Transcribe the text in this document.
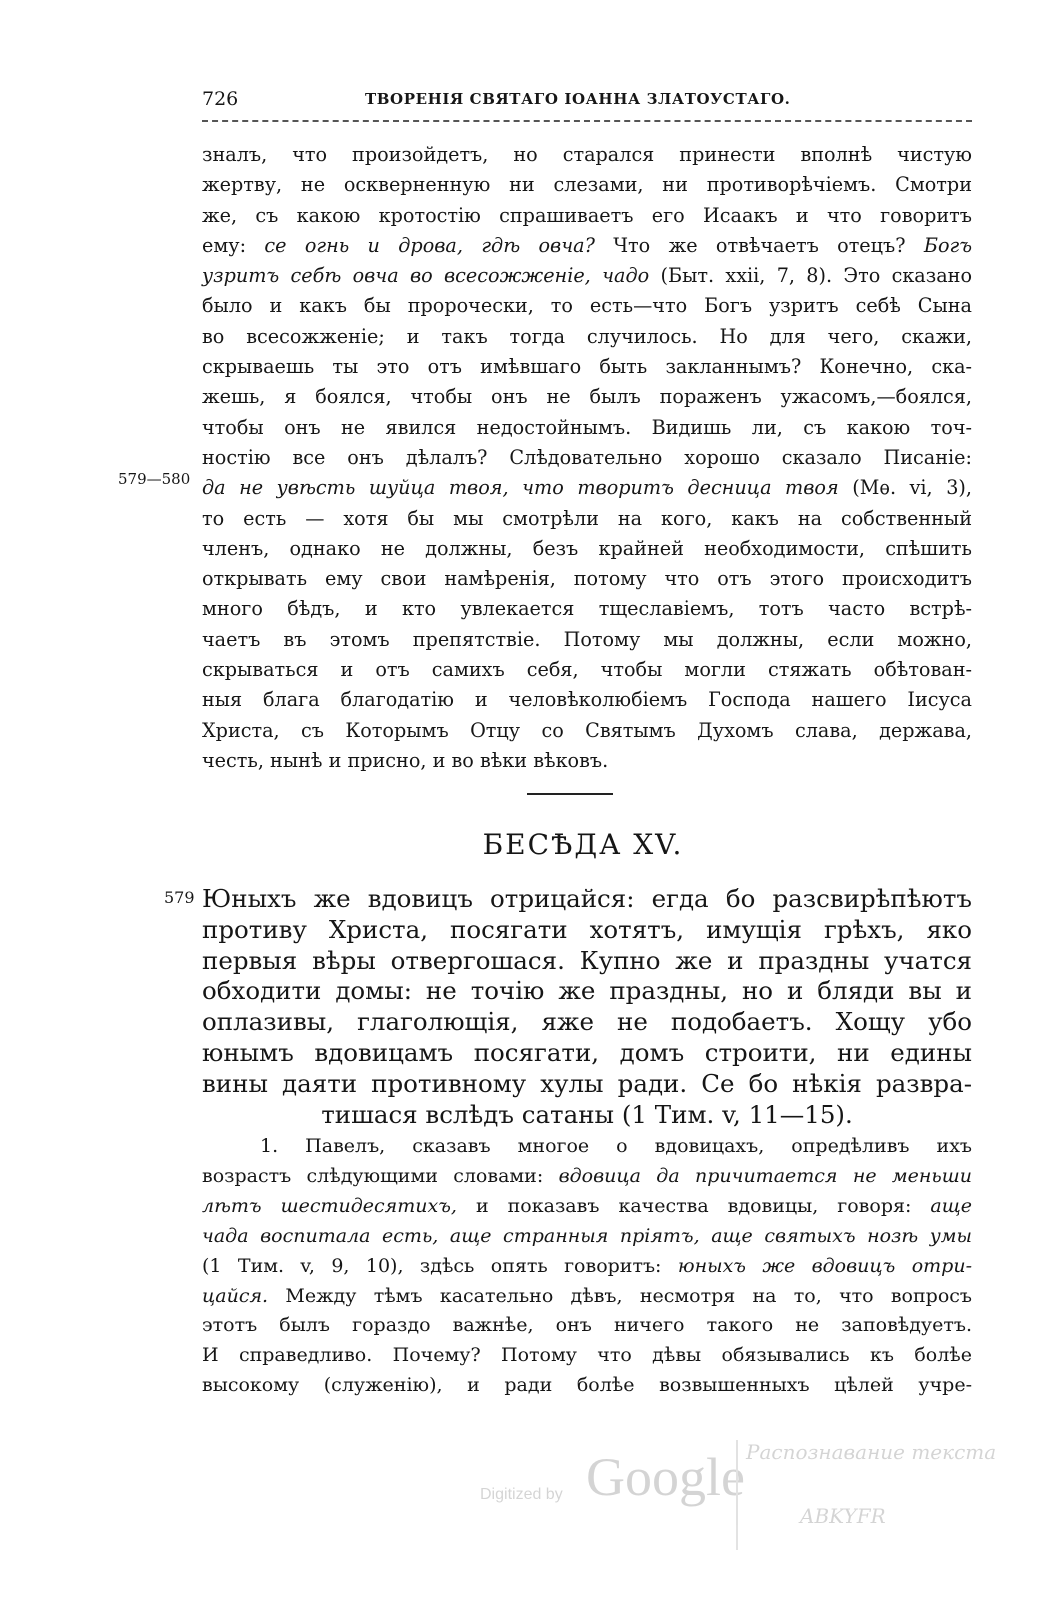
726	ТВОРЕНІЯ СВЯТАГО ІОАННА ЗЛАТОУСТАГО.
зналъ, что произойдетъ, но старался принести вполнѣ чистую
жертву, не оскверненную ни слезами, ни противорѣчіемъ. Смотри
же, съ какою кротостію спрашиваетъ его Исаакъ и что говоритъ
ему: се огнь и дрова, гдѣ овча? Что же отвѣчаетъ отецъ? Богъ
узритъ себѣ овча во всесожженіе, чадо (Быт. xxii, 7, 8). Это сказано
было и какъ бы пророчески, то есть—что Богъ узритъ себѣ Сына
во всесожженіе; и такъ тогда случилось. Но для чего, скажи,
скрываешь ты это отъ имѣвшаго быть закланнымъ? Конечно, ска-
жешь, я боялся, чтобы онъ не былъ пораженъ ужасомъ,—боялся,
чтобы онъ не явился недостойнымъ. Видишь ли, съ какою точ-
ностію все онъ дѣлалъ? Слѣдовательно хорошо сказало Писаніе:
да не увѣсть шуйца твоя, что творитъ десница твоя (Мѳ. vi, 3),
то есть — хотя бы мы смотрѣли на кого, какъ на собственный
членъ, однако не должны, безъ крайней необходимости, спѣшить
открывать ему свои намѣренія, потому что отъ этого происходитъ
много бѣдъ, и кто увлекается тщеславіемъ, тотъ часто встрѣ-
чаетъ въ этомъ препятствіе. Потому мы должны, если можно,
скрываться и отъ самихъ себя, чтобы могли стяжать обѣтован-
ныя блага благодатію и человѣколюбіемъ Господа нашего Іисуса
Христа, съ Которымъ Отцу со Святымъ Духомъ слава, держава,
честь, нынѣ и присно, и во вѣки вѣковъ.
579—580
БЕСѢДА XV.
579 Юныхъ же вдовицъ отрицайся: егда бо разсвирѣпѣютъ
противу Христа, посягати хотятъ, имущія грѣхъ, яко
первыя вѣры отвергошася. Купно же и праздны учатся
обходити домы: не точію же праздны, но и бляди вы и
оплазивы, глаголющія, яже не подобаетъ. Хощу убо
юнымъ вдовицамъ посягати, домъ строити, ни едины
вины даяти противному хулы ради. Се бо нѣкія развра-
тишася вслѣдъ сатаны (1 Тим. v, 11—15).
1. Павелъ, сказавъ многое о вдовицахъ, опредѣливъ ихъ
возрастъ слѣдующими словами: вдовица да причитается не меньши
лѣтъ шестидесятихъ, и показавъ качества вдовицы, говоря: аще
чада воспитала есть, аще странныя пріятъ, аще святыхъ нозѣ умы
(1 Тим. v, 9, 10), здѣсь опять говоритъ: юныхъ же вдовицъ отри-
цайся. Между тѣмъ касательно дѣвъ, несмотря на то, что вопросъ
этотъ былъ гораздо важнѣе, онъ ничего такого не заповѣдуетъ.
И справедливо. Почему? Потому что дѣвы обязывались къ болѣе
высокому (служенію), и ради болѣе возвышенныхъ цѣлей учре-
Digitized by Google Распознавание текста
ABKYFR
